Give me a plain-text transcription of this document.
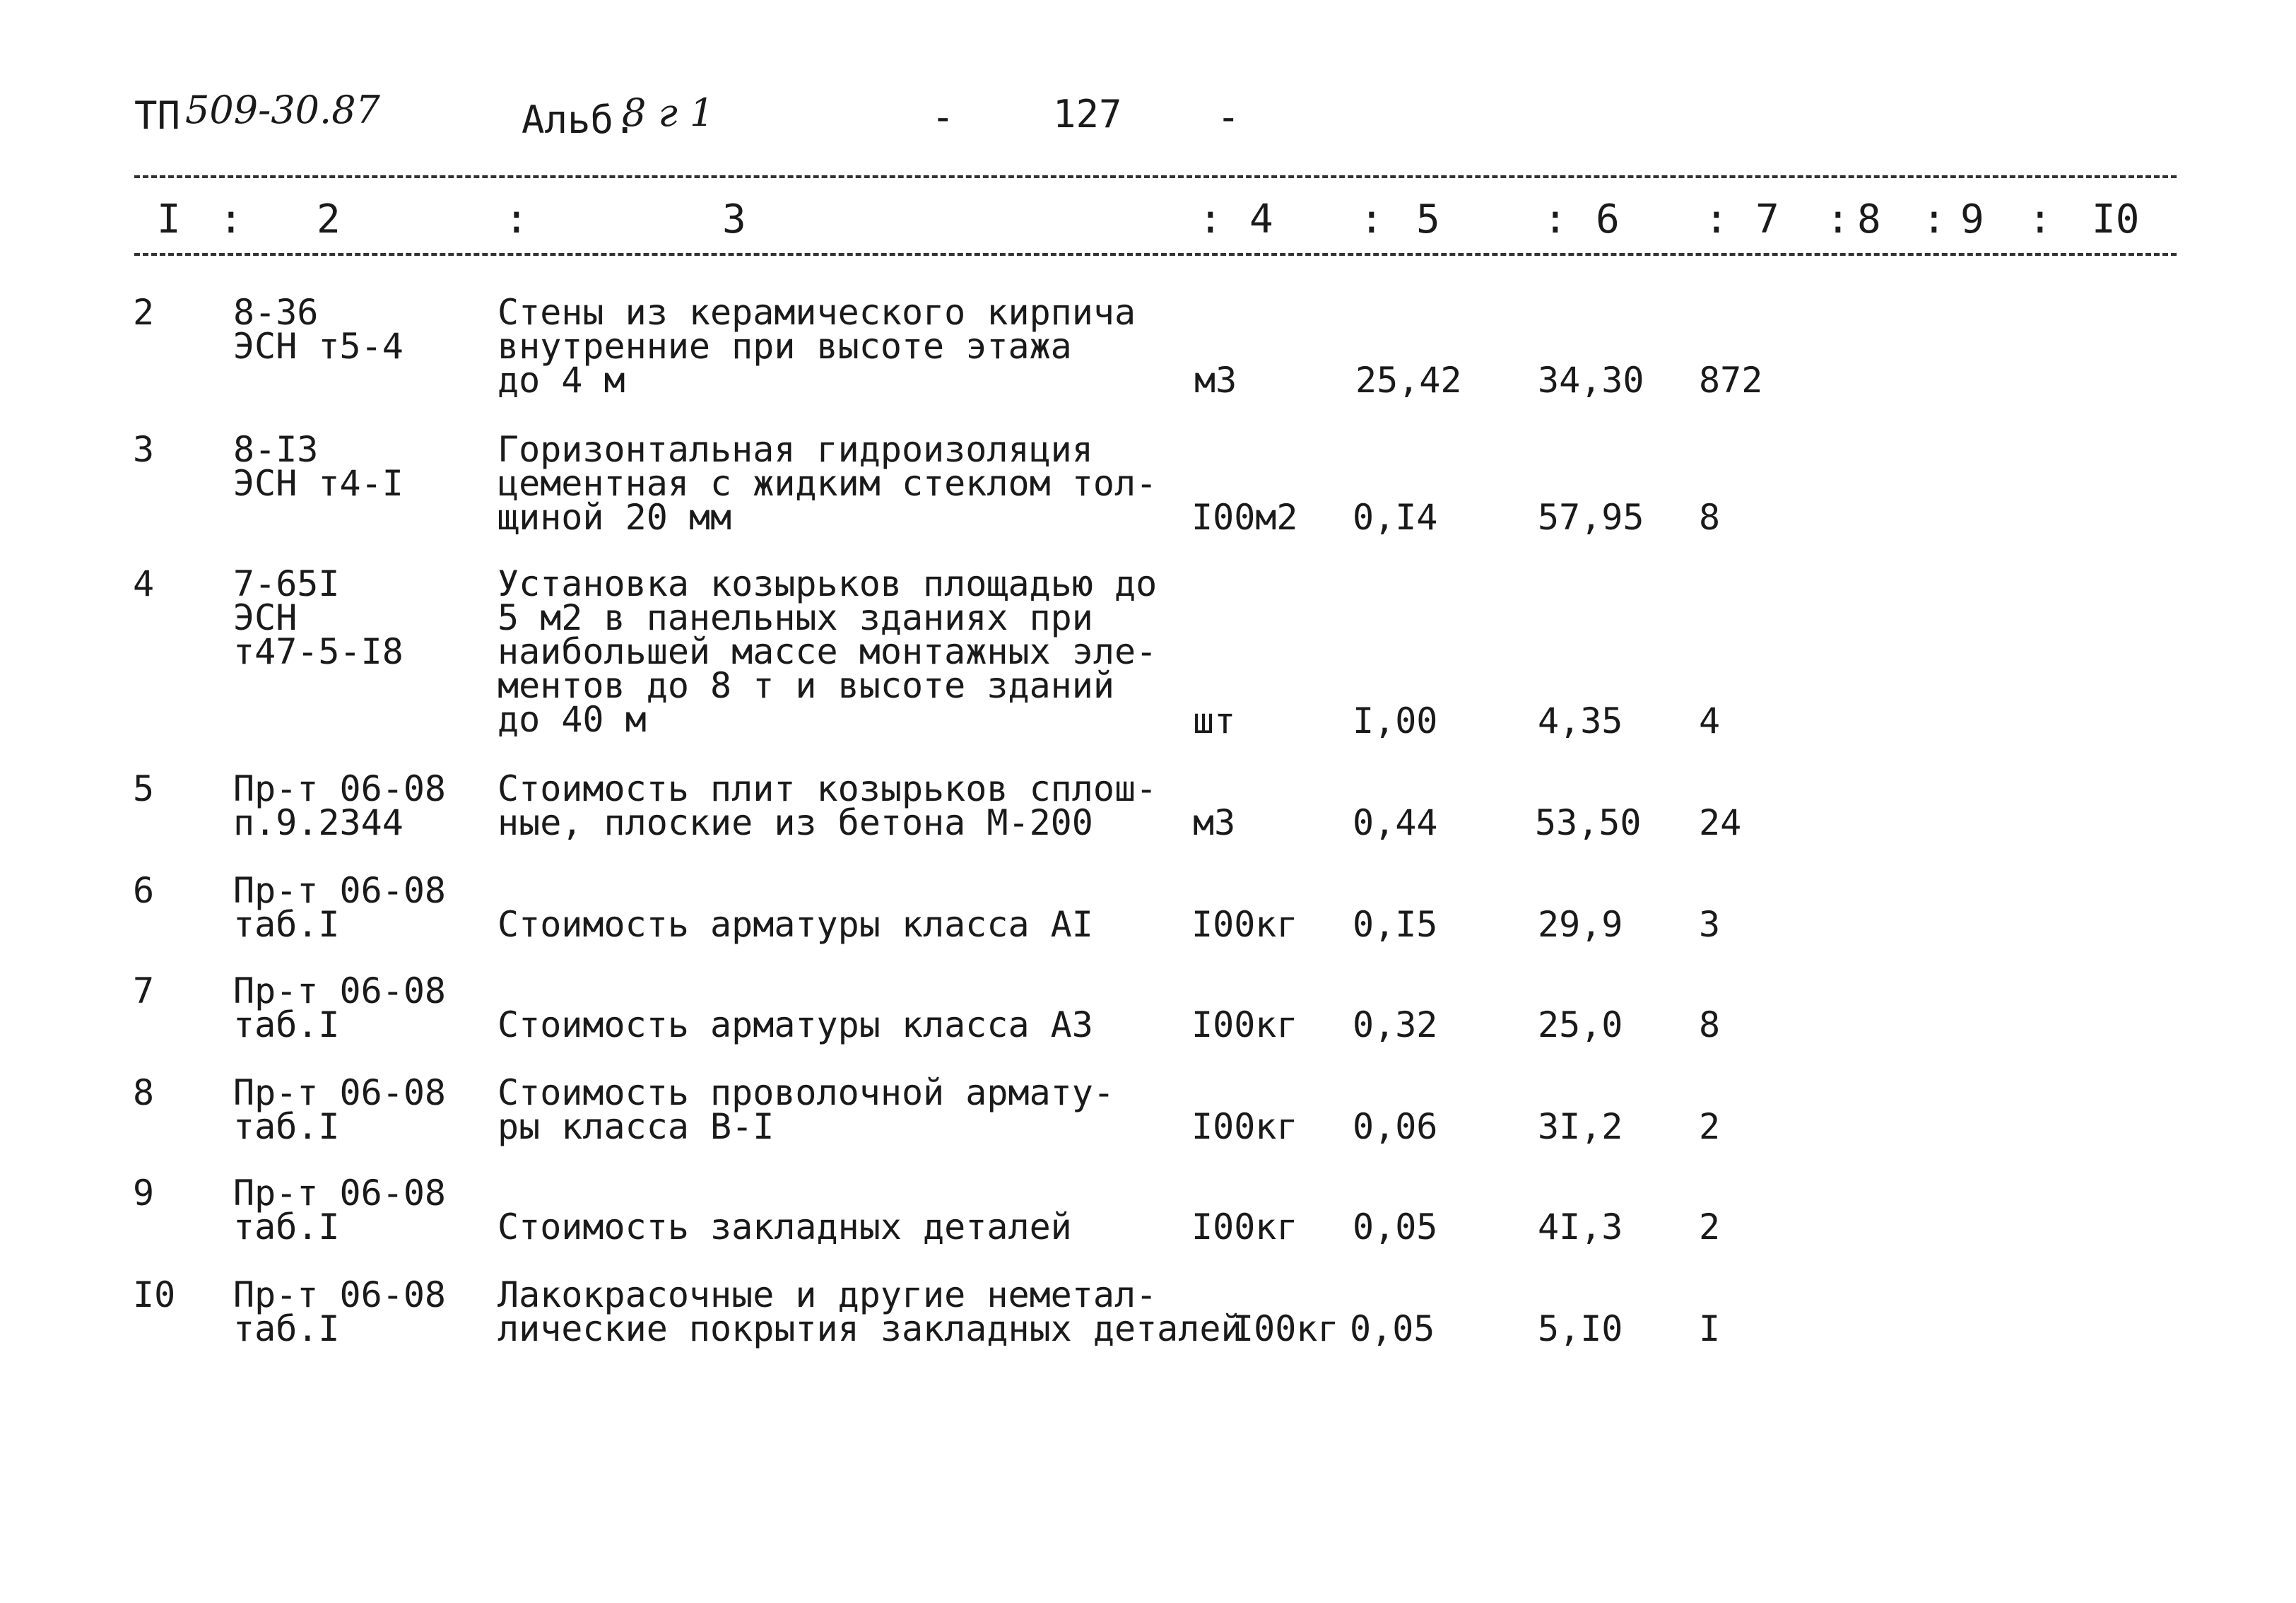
ТП 509-30.87	Альб.
8 г 1	-	127 -
I : 2	:	3	: 4 : 5	: 6 : 7 : 8 : 9 : I0
2 8-36
ЭСН т5-4
Стены из керамического кирпича
внутренние при высоте этажа
до 4 м	м3	25,42 34,30 872
3 8-I3
ЭСН т4-I
Горизонтальная гидроизоляция
цементная с жидким стеклом тол-
щиной 20 мм	I00м2 0,I4	57,95 8
4 7-65I
ЭСН
т47-5-I8
Установка козырьков площадью до
5 м2 в панельных зданиях при
наибольшей массе монтажных эле-
ментов до 8 т и высоте зданий
до 40 м	шт	I,00	4,35 4
5 Пр-т 06-08
п.9.2344
Стоимость плит козырьков сплош-
ные, плоские из бетона М-200	м3	0,44	53,50 24
6 Пр-т 06-08
таб.I	Стоимость арматуры класса АI	I00кг 0,I5	29,9 3
7 Пр-т 06-08
таб.I	Стоимость арматуры класса А3	I00кг 0,32	25,0 8
8 Пр-т 06-08
таб.I
Стоимость проволочной армату-
ры класса В-I	I00кг 0,06	3I,2 2
9 Пр-т 06-08
таб.I	Стоимость закладных деталей	I00кг 0,05	4I,3 2
I0 Пр-т 06-08
таб.I
Лакокрасочные и другие неметал-
лические покрытия закладных деталей
I00кг 0,05	5,I0 I
